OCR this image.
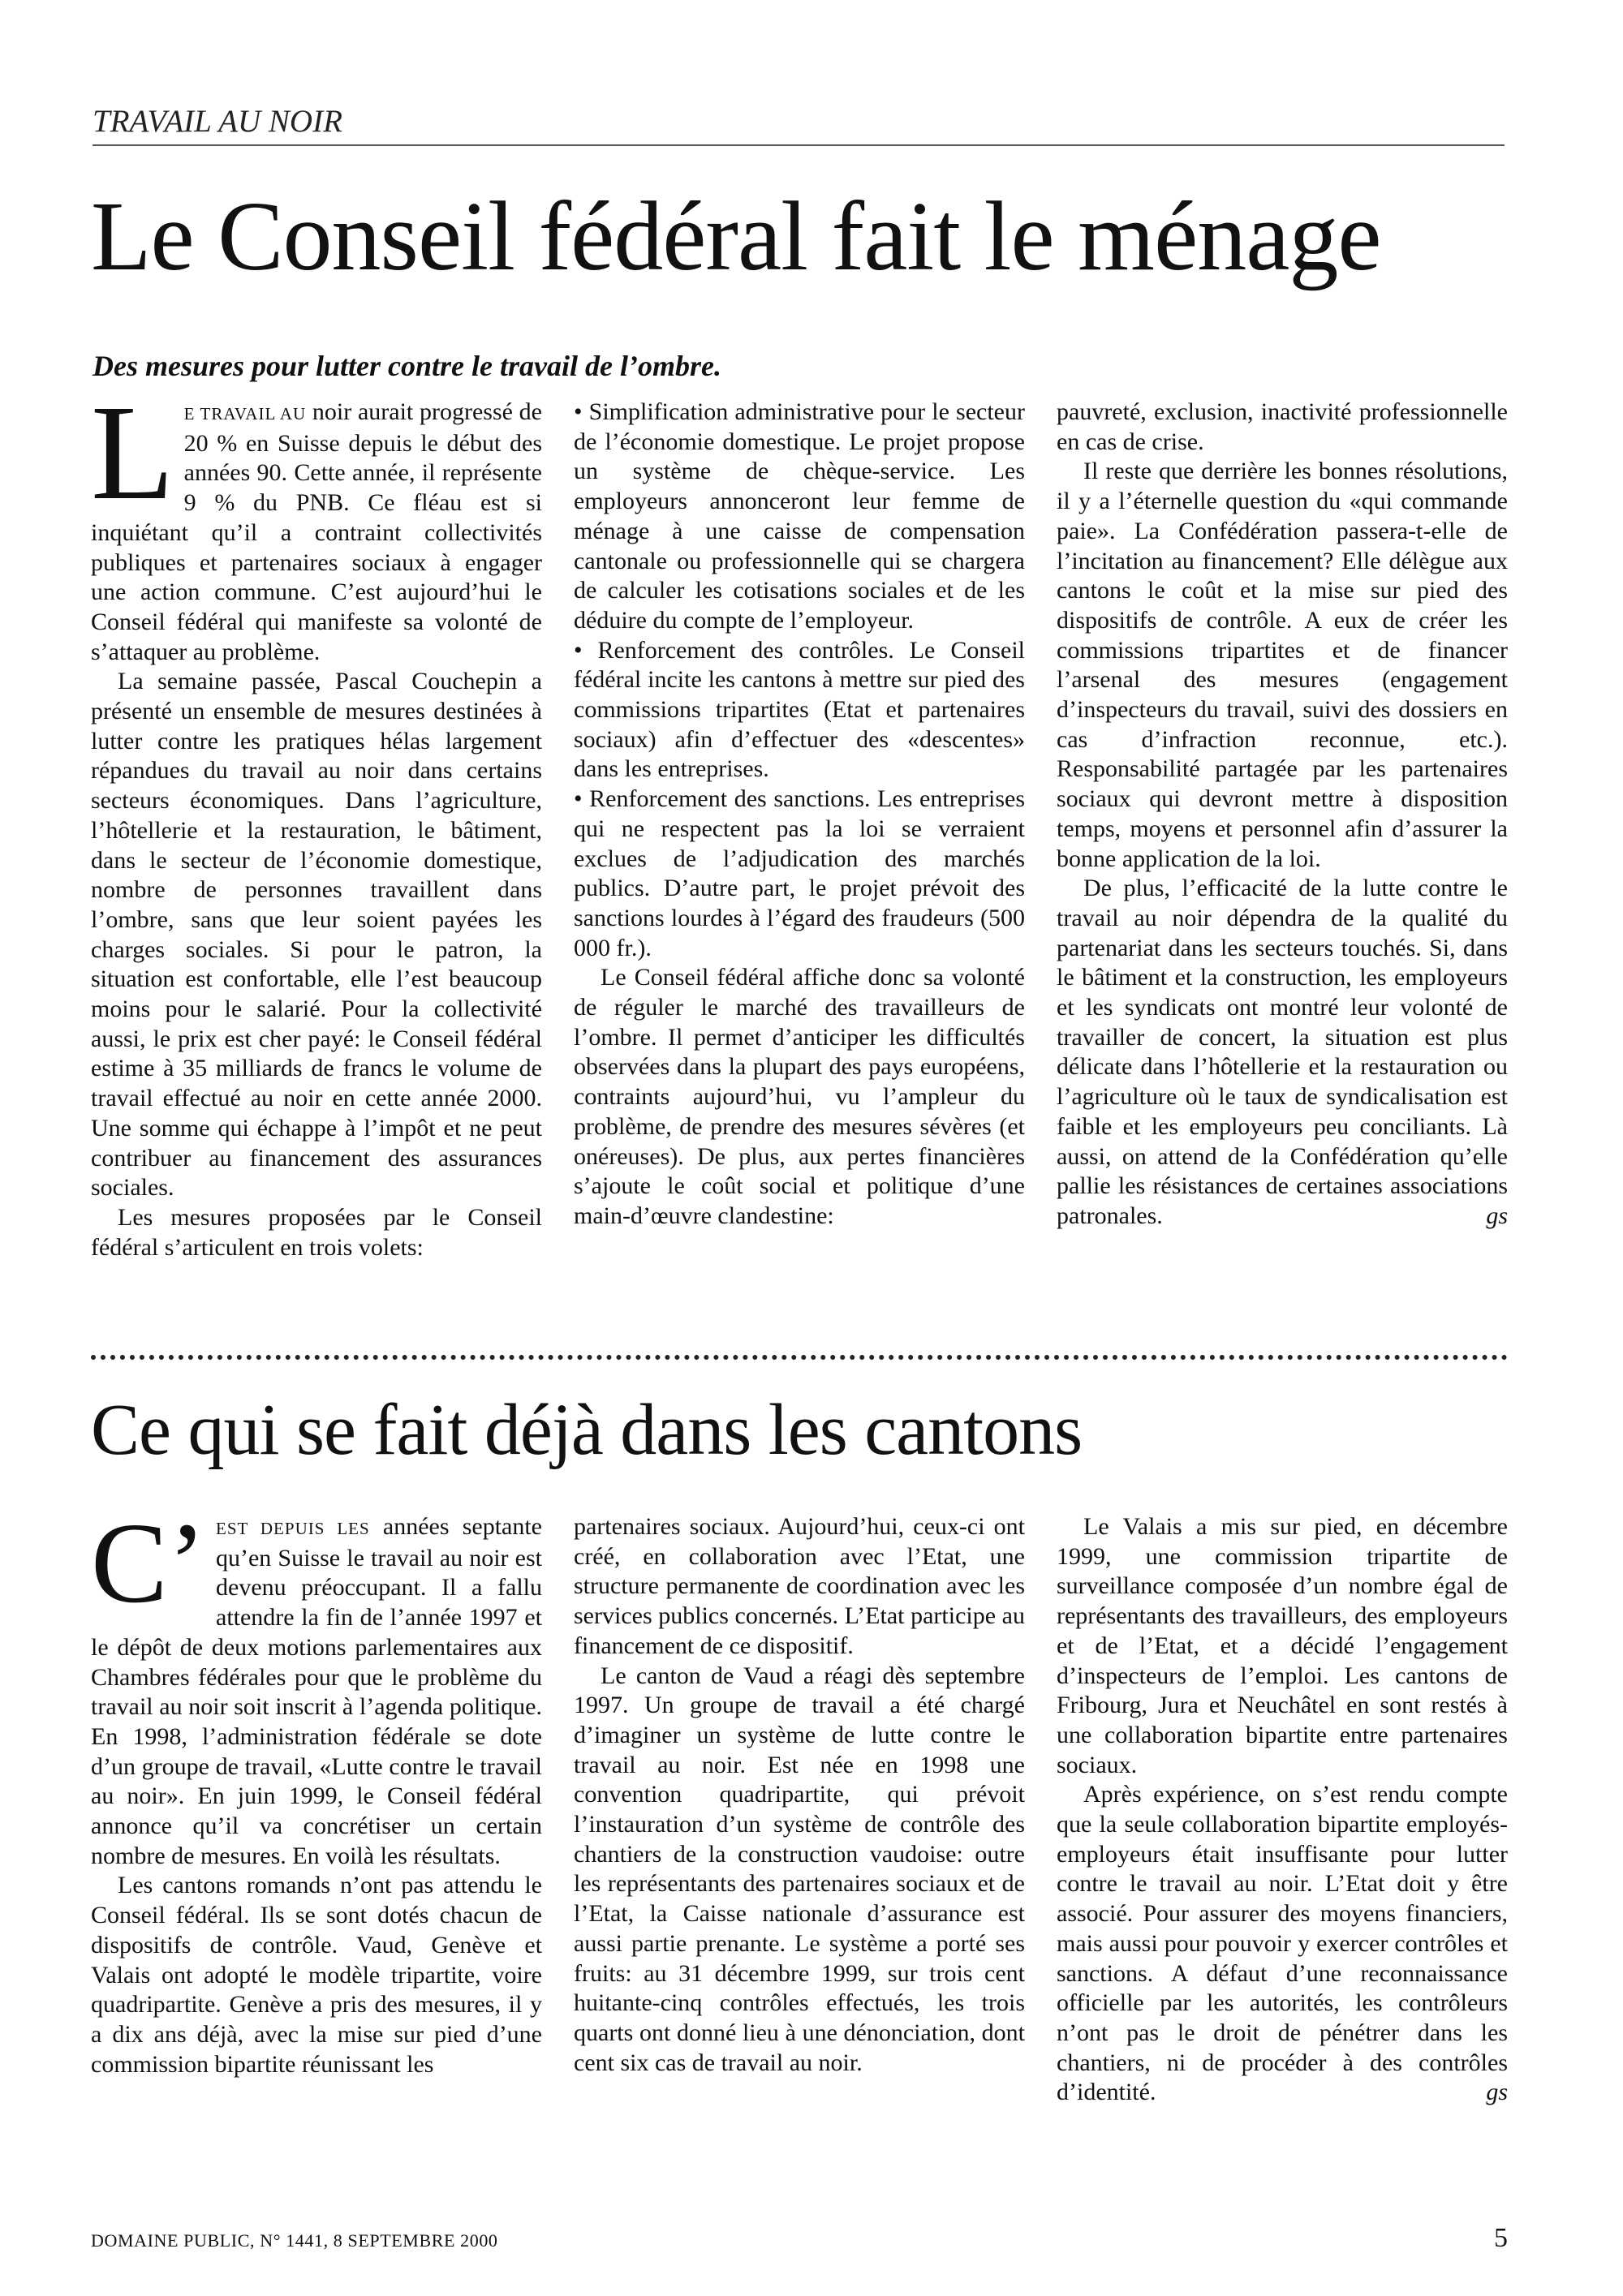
TRAVAIL AU NOIR
Le Conseil fédéral fait le ménage

Des mesures pour lutter contre le travail de l’ombre.

LE TRAVAIL AU noir aurait progressé de 20 % en Suisse depuis le début des années 90. Cette année, il représente 9 % du PNB. Ce fléau est si inquiétant qu’il a contraint collectivités publiques et partenaires sociaux à engager une action commune. C’est aujourd’hui le Conseil fédéral qui manifeste sa volonté de s’attaquer au problème.

La semaine passée, Pascal Couchepin a présenté un ensemble de mesures destinées à lutter contre les pratiques hélas largement répandues du travail au noir dans certains secteurs économiques. Dans l’agriculture, l’hôtellerie et la restauration, le bâtiment, dans le secteur de l’économie domestique, nombre de personnes travaillent dans l’ombre, sans que leur soient payées les charges sociales. Si pour le patron, la situation est confortable, elle l’est beaucoup moins pour le salarié. Pour la collectivité aussi, le prix est cher payé: le Conseil fédéral estime à 35 milliards de francs le volume de travail effectué au noir en cette année 2000. Une somme qui échappe à l’impôt et ne peut contribuer au financement des assurances sociales.

Les mesures proposées par le Conseil fédéral s’articulent en trois volets:

• Simplification administrative pour le secteur de l’économie domestique. Le projet propose un système de chèque-service. Les employeurs annonceront leur femme de ménage à une caisse de compensation cantonale ou professionnelle qui se chargera de calculer les cotisations sociales et de les déduire du compte de l’employeur.

• Renforcement des contrôles. Le Conseil fédéral incite les cantons à mettre sur pied des commissions tripartites (Etat et partenaires sociaux) afin d’effectuer des «descentes» dans les entreprises.

• Renforcement des sanctions. Les entreprises qui ne respectent pas la loi se verraient exclues de l’adjudication des marchés publics. D’autre part, le projet prévoit des sanctions lourdes à l’égard des fraudeurs (500 000 fr.).

Le Conseil fédéral affiche donc sa volonté de réguler le marché des travailleurs de l’ombre. Il permet d’anticiper les difficultés observées dans la plupart des pays européens, contraints aujourd’hui, vu l’ampleur du problème, de prendre des mesures sévères (et onéreuses). De plus, aux pertes financières s’ajoute le coût social et politique d’une main-d’œuvre clandestine:

pauvreté, exclusion, inactivité professionnelle en cas de crise.

Il reste que derrière les bonnes résolutions, il y a l’éternelle question du «qui commande paie». La Confédération passera-t-elle de l’incitation au financement? Elle délègue aux cantons le coût et la mise sur pied des dispositifs de contrôle. A eux de créer les commissions tripartites et de financer l’arsenal des mesures (engagement d’inspecteurs du travail, suivi des dossiers en cas d’infraction reconnue, etc.). Responsabilité partagée par les partenaires sociaux qui devront mettre à disposition temps, moyens et personnel afin d’assurer la bonne application de la loi.

De plus, l’efficacité de la lutte contre le travail au noir dépendra de la qualité du partenariat dans les secteurs touchés. Si, dans le bâtiment et la construction, les employeurs et les syndicats ont montré leur volonté de travailler de concert, la situation est plus délicate dans l’hôtellerie et la restauration ou l’agriculture où le taux de syndicalisation est faible et les employeurs peu conciliants. Là aussi, on attend de la Confédération qu’elle pallie les résistances de certaines associations patronales.	gs

Ce qui se fait déjà dans les cantons

C’ EST DEPUIS LES années septante qu’en Suisse le travail au noir est devenu préoccupant. Il a fallu attendre la fin de l’année 1997 et le dépôt de deux motions parlementaires aux Chambres fédérales pour que le problème du travail au noir soit inscrit à l’agenda politique. En 1998, l’administration fédérale se dote d’un groupe de travail, «Lutte contre le travail au noir». En juin 1999, le Conseil fédéral annonce qu’il va concrétiser un certain nombre de mesures. En voilà les résultats.

Les cantons romands n’ont pas attendu le Conseil fédéral. Ils se sont dotés chacun de dispositifs de contrôle. Vaud, Genève et Valais ont adopté le modèle tripartite, voire quadripartite. Genève a pris des mesures, il y a dix ans déjà, avec la mise sur pied d’une commission bipartite réunissant les

partenaires sociaux. Aujourd’hui, ceux-ci ont créé, en collaboration avec l’Etat, une structure permanente de coordination avec les services publics concernés. L’Etat participe au financement de ce dispositif.

Le canton de Vaud a réagi dès septembre 1997. Un groupe de travail a été chargé d’imaginer un système de lutte contre le travail au noir. Est née en 1998 une convention quadripartite, qui prévoit l’instauration d’un système de contrôle des chantiers de la construction vaudoise: outre les représentants des partenaires sociaux et de l’Etat, la Caisse nationale d’assurance est aussi partie prenante. Le système a porté ses fruits: au 31 décembre 1999, sur trois cent huitante-cinq contrôles effectués, les trois quarts ont donné lieu à une dénonciation, dont cent six cas de travail au noir.

Le Valais a mis sur pied, en décembre 1999, une commission tripartite de surveillance composée d’un nombre égal de représentants des travailleurs, des employeurs et de l’Etat, et a décidé l’engagement d’inspecteurs de l’emploi. Les cantons de Fribourg, Jura et Neuchâtel en sont restés à une collaboration bipartite entre partenaires sociaux.

Après expérience, on s’est rendu compte que la seule collaboration bipartite employés-employeurs était insuffisante pour lutter contre le travail au noir. L’Etat doit y être associé. Pour assurer des moyens financiers, mais aussi pour pouvoir y exercer contrôles et sanctions. A défaut d’une reconnaissance officielle par les autorités, les contrôleurs n’ont pas le droit de pénétrer dans les chantiers, ni de procéder à des contrôles d’identité.	gs

DOMAINE PUBLIC, N° 1441, 8 SEPTEMBRE 2000	5
